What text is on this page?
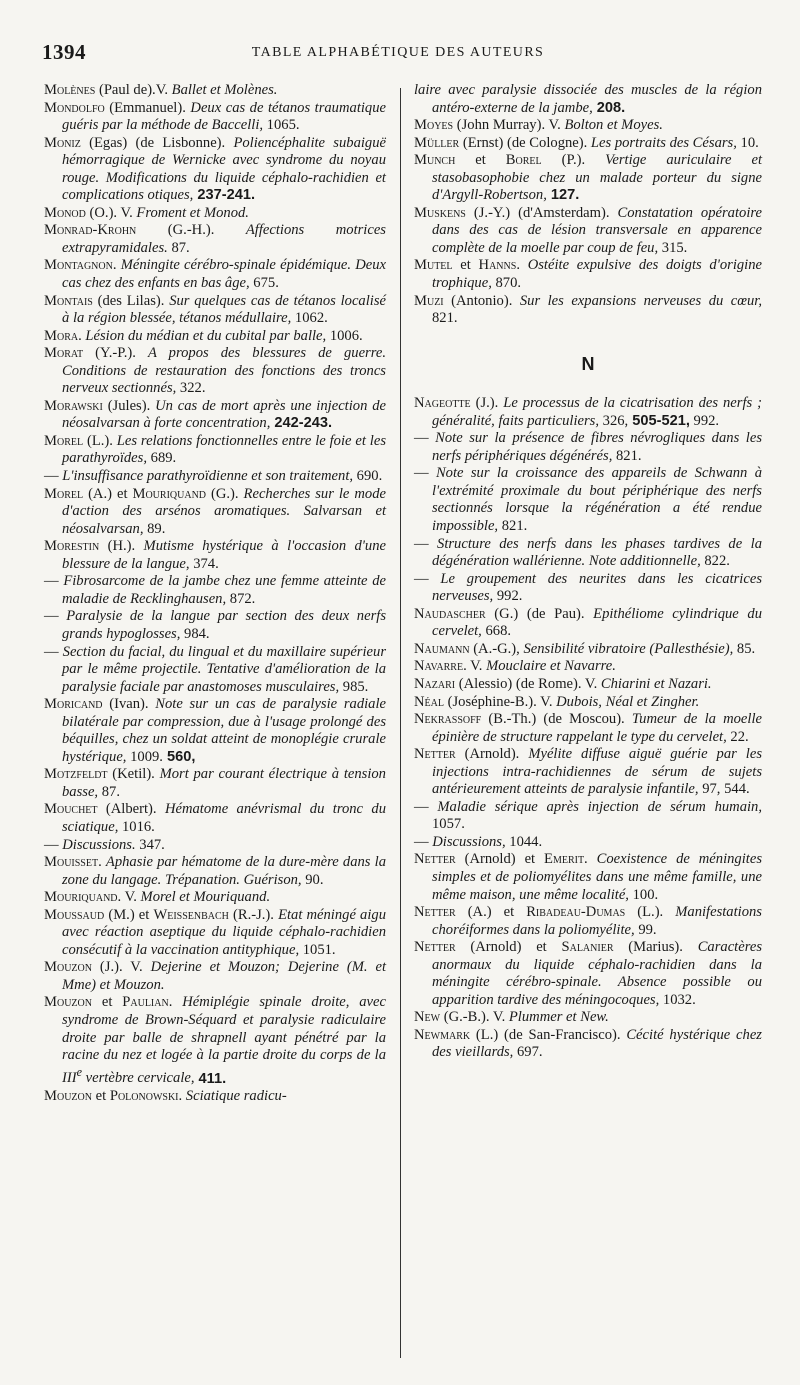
1394	TABLE ALPHABÉTIQUE DES AUTEURS

Molènes (Paul de).V. Ballet et Molènes.

Mondolfo (Emmanuel). Deux cas de tétanos traumatique guéris par la méthode de Baccelli, 1065.

Moniz (Egas) (de Lisbonne). Poliencéphalite subaiguë hémorragique de Wernicke avec syndrome du noyau rouge. Modifications du liquide céphalo-rachidien et complications otiques, 237-241.

Monod (O.). V. Froment et Monod.

Monrad-Krohn (G.-H.). Affections motrices extrapyramidales. 87.

Montagnon. Méningite cérébro-spinale épidémique. Deux cas chez des enfants en bas âge, 675.

Montais (des Lilas). Sur quelques cas de tétanos localisé à la région blessée, tétanos médullaire, 1062.

Mora. Lésion du médian et du cubital par balle, 1006.

Morat (Y.-P.). A propos des blessures de guerre. Conditions de restauration des fonctions des troncs nerveux sectionnés, 322.

Morawski (Jules). Un cas de mort après une injection de néosalvarsan à forte concentration, 242-243.

Morel (L.). Les relations fonctionnelles entre le foie et les parathyroïdes, 689.

— L'insuffisance parathyroïdienne et son traitement, 690.

Morel (A.) et Mouriquand (G.). Recherches sur le mode d'action des arsénos aromatiques. Salvarsan et néosalvarsan, 89.

Morestin (H.). Mutisme hystérique à l'occasion d'une blessure de la langue, 374.

— Fibrosarcome de la jambe chez une femme atteinte de maladie de Recklinghausen, 872.

— Paralysie de la langue par section des deux nerfs grands hypoglosses, 984.

— Section du facial, du lingual et du maxillaire supérieur par le même projectile. Tentative d'amélioration de la paralysie faciale par anastomoses musculaires, 985.

Moricand (Ivan). Note sur un cas de paralysie radiale bilatérale par compression, due à l'usage prolongé des béquilles, chez un soldat atteint de monoplégie crurale hystérique, 1009. 560,

Motzfeldt (Ketil). Mort par courant électrique à tension basse, 87.

Mouchet (Albert). Hématome anévrismal du tronc du sciatique, 1016.

— Discussions. 347.

Mouisset. Aphasie par hématome de la dure-mère dans la zone du langage. Trépanation. Guérison, 90.

Mouriquand. V. Morel et Mouriquand.

Moussaud (M.) et Weissenbach (R.-J.). Etat méningé aigu avec réaction aseptique du liquide céphalo-rachidien consécutif à la vaccination antityphique, 1051.

Mouzon (J.). V. Dejerine et Mouzon; Dejerine (M. et Mme) et Mouzon.

Mouzon et Paulian. Hémiplégie spinale droite, avec syndrome de Brown-Séquard et paralysie radiculaire droite par balle de shrapnell ayant pénétré par la racine du nez et logée à la partie droite du corps de la IIIe vertèbre cervicale, 411.

Mouzon et Polonowski. Sciatique radicu-

laire avec paralysie dissociée des muscles de la région antéro-externe de la jambe, 208.

Moyes (John Murray). V. Bolton et Moyes.

Müller (Ernst) (de Cologne). Les portraits des Césars, 10.

Munch et Borel (P.). Vertige auriculaire et stasobasophobie chez un malade porteur du signe d'Argyll-Robertson, 127.

Muskens (J.-Y.) (d'Amsterdam). Constatation opératoire dans des cas de lésion transversale en apparence complète de la moelle par coup de feu, 315.

Mutel et Hanns. Ostéite expulsive des doigts d'origine trophique, 870.

Muzi (Antonio). Sur les expansions nerveuses du cœur, 821.

N

Nageotte (J.). Le processus de la cicatrisation des nerfs ; généralité, faits particuliers, 326, 505-521, 992.

— Note sur la présence de fibres névrogliques dans les nerfs périphériques dégénérés, 821.

— Note sur la croissance des appareils de Schwann à l'extrémité proximale du bout périphérique des nerfs sectionnés lorsque la régénération a été rendue impossible, 821.

— Structure des nerfs dans les phases tardives de la dégénération wallérienne. Note additionnelle, 822.

— Le groupement des neurites dans les cicatrices nerveuses, 992.

Naudascher (G.) (de Pau). Epithéliome cylindrique du cervelet, 668.

Naumann (A.-G.), Sensibilité vibratoire (Pallesthésie), 85.

Navarre. V. Mouclaire et Navarre.

Nazari (Alessio) (de Rome). V. Chiarini et Nazari.

Néal (Joséphine-B.). V. Dubois, Néal et Zingher.

Nekrassoff (B.-Th.) (de Moscou). Tumeur de la moelle épinière de structure rappelant le type du cervelet, 22.

Netter (Arnold). Myélite diffuse aiguë guérie par les injections intra-rachidiennes de sérum de sujets antérieurement atteints de paralysie infantile, 97, 544.

— Maladie sérique après injection de sérum humain, 1057.

— Discussions, 1044.

Netter (Arnold) et Emerit. Coexistence de méningites simples et de poliomyélites dans une même famille, une même maison, une même localité, 100.

Netter (A.) et Ribadeau-Dumas (L.). Manifestations choréiformes dans la poliomyélite, 99.

Netter (Arnold) et Salanier (Marius). Caractères anormaux du liquide céphalo-rachidien dans la méningite cérébro-spinale. Absence possible ou apparition tardive des méningocoques, 1032.

New (G.-B.). V. Plummer et New.

Newmark (L.) (de San-Francisco). Cécité hystérique chez des vieillards, 697.
